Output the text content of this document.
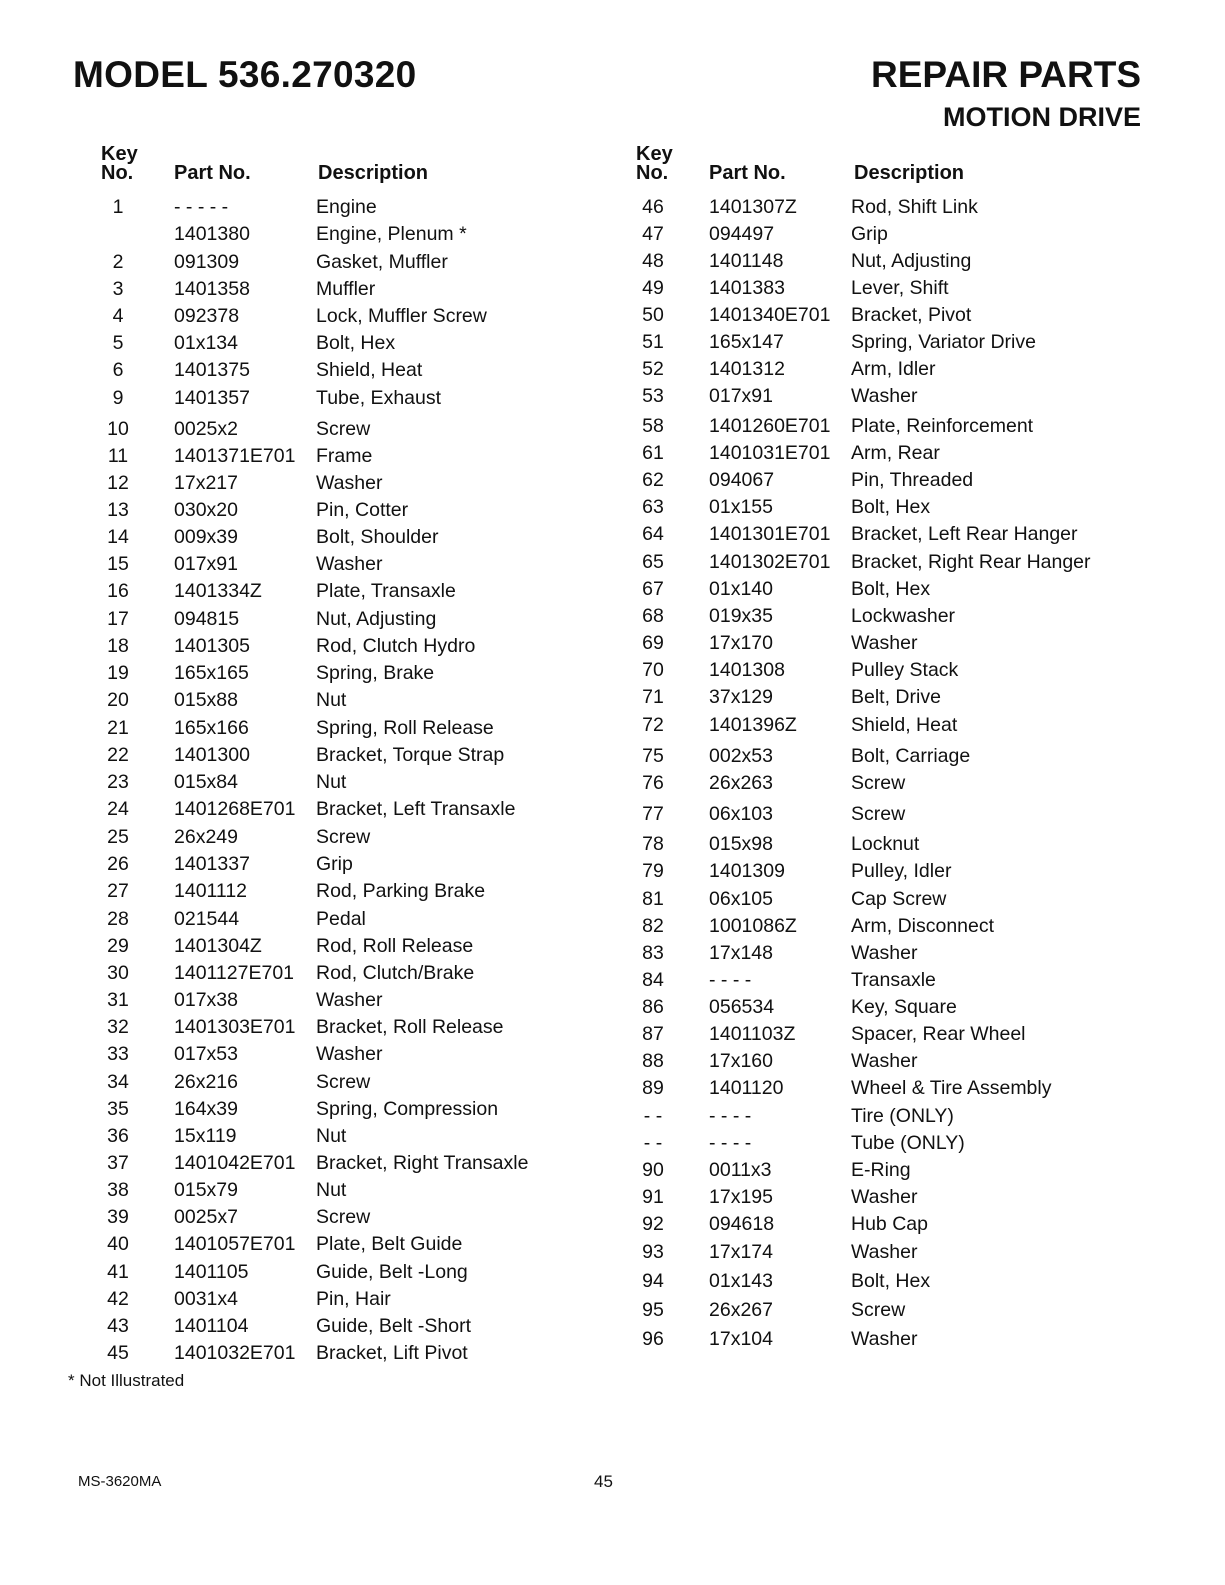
MODEL 536.270320	REPAIR PARTS
MOTION DRIVE
Key
No. Part No.	Description
Key
No. Part No.	Description
1	- - - - -	Engine
1401380	Engine, Plenum *
2	091309	Gasket, Muffler
3	1401358	Muffler
4	092378	Lock, Muffler Screw
5	01x134	Bolt, Hex
6	1401375	Shield, Heat
9	1401357	Tube, Exhaust
10	0025x2	Screw
11	1401371E701 Frame
12	17x217	Washer
13	030x20	Pin, Cotter
14	009x39	Bolt, Shoulder
15	017x91	Washer
16	1401334Z	Plate, Transaxle
17	094815	Nut, Adjusting
18	1401305	Rod, Clutch Hydro
19	165x165	Spring, Brake
20	015x88	Nut
21	165x166	Spring, Roll Release
22	1401300	Bracket, Torque Strap
23	015x84	Nut
24	1401268E701 Bracket, Left Transaxle
25	26x249	Screw
26	1401337	Grip
27	1401112	Rod, Parking Brake
28	021544	Pedal
29	1401304Z	Rod, Roll Release
30	1401127E701 Rod, Clutch/Brake
31	017x38	Washer
32	1401303E701 Bracket, Roll Release
33	017x53	Washer
34	26x216	Screw
35	164x39	Spring, Compression
36	15x119	Nut
37	1401042E701 Bracket, Right Transaxle
38	015x79	Nut
39	0025x7	Screw
40	1401057E701 Plate, Belt Guide
41	1401105	Guide, Belt -Long
42	0031x4	Pin, Hair
43	1401104	Guide, Belt -Short
45	1401032E701 Bracket, Lift Pivot
46	1401307Z	Rod, Shift Link
47	094497	Grip
48	1401148	Nut, Adjusting
49	1401383	Lever, Shift
50	1401340E701 Bracket, Pivot
51	165x147	Spring, Variator Drive
52	1401312	Arm, Idler
53	017x91	Washer
58	1401260E701 Plate, Reinforcement
61	1401031E701 Arm, Rear
62	094067	Pin, Threaded
63	01x155	Bolt, Hex
64	1401301E701 Bracket, Left Rear Hanger
65	1401302E701 Bracket, Right Rear Hanger
67	01x140	Bolt, Hex
68	019x35	Lockwasher
69	17x170	Washer
70	1401308	Pulley Stack
71	37x129	Belt, Drive
72	1401396Z	Shield, Heat
75	002x53	Bolt, Carriage
76	26x263	Screw
77	06x103	Screw
78	015x98	Locknut
79	1401309	Pulley, Idler
81	06x105	Cap Screw
82	1001086Z	Arm, Disconnect
83	17x148	Washer
84	- - - -	Transaxle
86	056534	Key, Square
87	1401103Z	Spacer, Rear Wheel
88	17x160	Washer
89	1401120	Wheel & Tire Assembly
- -	- - - -	Tire (ONLY)
- -	- - - -	Tube (ONLY)
90	0011x3	E-Ring
91	17x195	Washer
92	094618	Hub Cap
93	17x174	Washer
94	01x143	Bolt, Hex
95	26x267	Screw
96	17x104	Washer
* Not Illustrated
MS-3620MA	45
